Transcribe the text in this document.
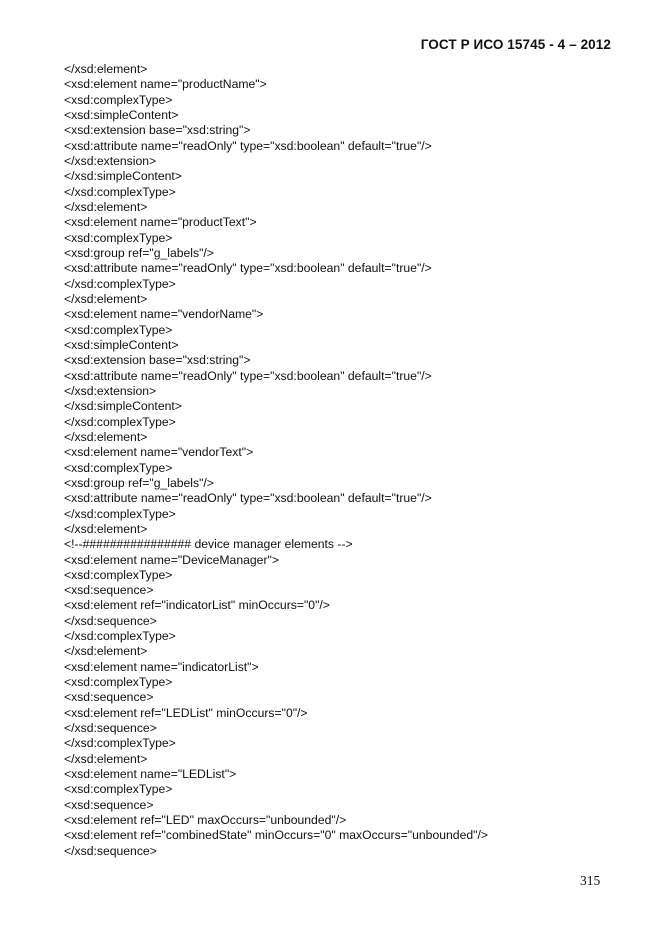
ГОСТ Р ИСО 15745 - 4 – 2012
</xsd:element>
<xsd:element name="productName">
<xsd:complexType>
<xsd:simpleContent>
<xsd:extension base="xsd:string">
<xsd:attribute name="readOnly" type="xsd:boolean" default="true"/>
</xsd:extension>
</xsd:simpleContent>
</xsd:complexType>
</xsd:element>
<xsd:element name="productText">
<xsd:complexType>
<xsd:group ref="g_labels"/>
<xsd:attribute name="readOnly" type="xsd:boolean" default="true"/>
</xsd:complexType>
</xsd:element>
<xsd:element name="vendorName">
<xsd:complexType>
<xsd:simpleContent>
<xsd:extension base="xsd:string">
<xsd:attribute name="readOnly" type="xsd:boolean" default="true"/>
</xsd:extension>
</xsd:simpleContent>
</xsd:complexType>
</xsd:element>
<xsd:element name="vendorText">
<xsd:complexType>
<xsd:group ref="g_labels"/>
<xsd:attribute name="readOnly" type="xsd:boolean" default="true"/>
</xsd:complexType>
</xsd:element>
<!--################ device manager elements -->
<xsd:element name="DeviceManager">
<xsd:complexType>
<xsd:sequence>
<xsd:element ref="indicatorList" minOccurs="0"/>
</xsd:sequence>
</xsd:complexType>
</xsd:element>
<xsd:element name="indicatorList">
<xsd:complexType>
<xsd:sequence>
<xsd:element ref="LEDList" minOccurs="0"/>
</xsd:sequence>
</xsd:complexType>
</xsd:element>
<xsd:element name="LEDList">
<xsd:complexType>
<xsd:sequence>
<xsd:element ref="LED" maxOccurs="unbounded"/>
<xsd:element ref="combinedState" minOccurs="0" maxOccurs="unbounded"/>
</xsd:sequence>
315
